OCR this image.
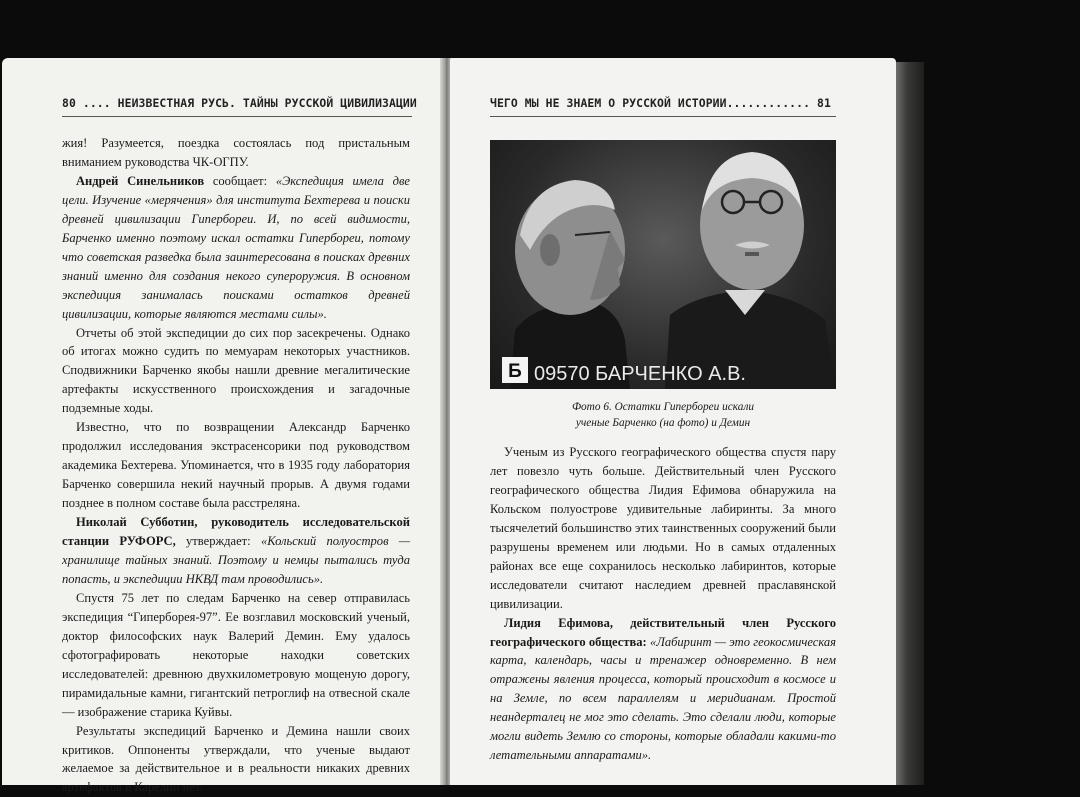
80 .... НЕИЗВЕСТНАЯ РУСЬ. ТАЙНЫ РУССКОЙ ЦИВИЛИЗАЦИИ

жия! Разумеется, поездка состоялась под пристальным вниманием руководства ЧК-ОГПУ.

Андрей Синельников сообщает: «Экспедиция имела две цели. Изучение «мерячения» для института Бехтерева и поиски древней цивилизации Гипербореи. И, по всей видимости, Барченко именно поэтому искал остатки Гипербореи, потому что советская разведка была заинтересована в поисках древних знаний именно для создания некого супероружия. В основном экспедиция занималась поисками остатков древней цивилизации, которые являются местами силы».

Отчеты об этой экспедиции до сих пор засекречены. Однако об итогах можно судить по мемуарам некоторых участников. Сподвижники Барченко якобы нашли древние мегалитические артефакты искусственного происхождения и загадочные подземные ходы.

Известно, что по возвращении Александр Барченко продолжил исследования экстрасенсорики под руководством академика Бехтерева. Упоминается, что в 1935 году лаборатория Барченко совершила некий научный прорыв. А двумя годами позднее в полном составе была расстреляна.

Николай Субботин, руководитель исследовательской станции РУФОРС, утверждает: «Кольский полуостров — хранилище тайных знаний. Поэтому и немцы пытались туда попасть, и экспедиции НКВД там проводились».

Спустя 75 лет по следам Барченко на север отправилась экспедиция “Гиперборея-97”. Ее возглавил московский ученый, доктор философских наук Валерий Демин. Ему удалось сфотографировать некоторые находки советских исследователей: древнюю двухкилометровую мощеную дорогу, пирамидальные камни, гигантский петроглиф на отвесной скале — изображение старика Куйвы.

Результаты экспедиций Барченко и Демина нашли своих критиков. Оппоненты утверждали, что ученые выдают желаемое за действительное и в реальности никаких древних артефактов в Карелии нет.

ЧЕГО МЫ НЕ ЗНАЕМ О РУССКОЙ ИСТОРИИ............ 81
Б 09570 БАРЧЕНКО А.В.
Фото 6. Остатки Гипербореи искали
ученые Барченко (на фото) и Демин

Ученым из Русского географического общества спустя пару лет повезло чуть больше. Действительный член Русского географического общества Лидия Ефимова обнаружила на Кольском полуострове удивительные лабиринты. За много тысячелетий большинство этих таинственных сооружений были разрушены временем или людьми. Но в самых отдаленных районах все еще сохранилось несколько лабиринтов, которые исследователи считают наследием древней праславянской цивилизации.

Лидия Ефимова, действительный член Русского географического общества: «Лабиринт — это геокосмическая карта, календарь, часы и тренажер одновременно. В нем отражены явления процесса, который происходит в космосе и на Земле, по всем параллелям и меридианам. Простой неандерталец не мог это сделать. Это сделали люди, которые могли видеть Землю со стороны, которые обладали какими-то летательными аппаратами».
